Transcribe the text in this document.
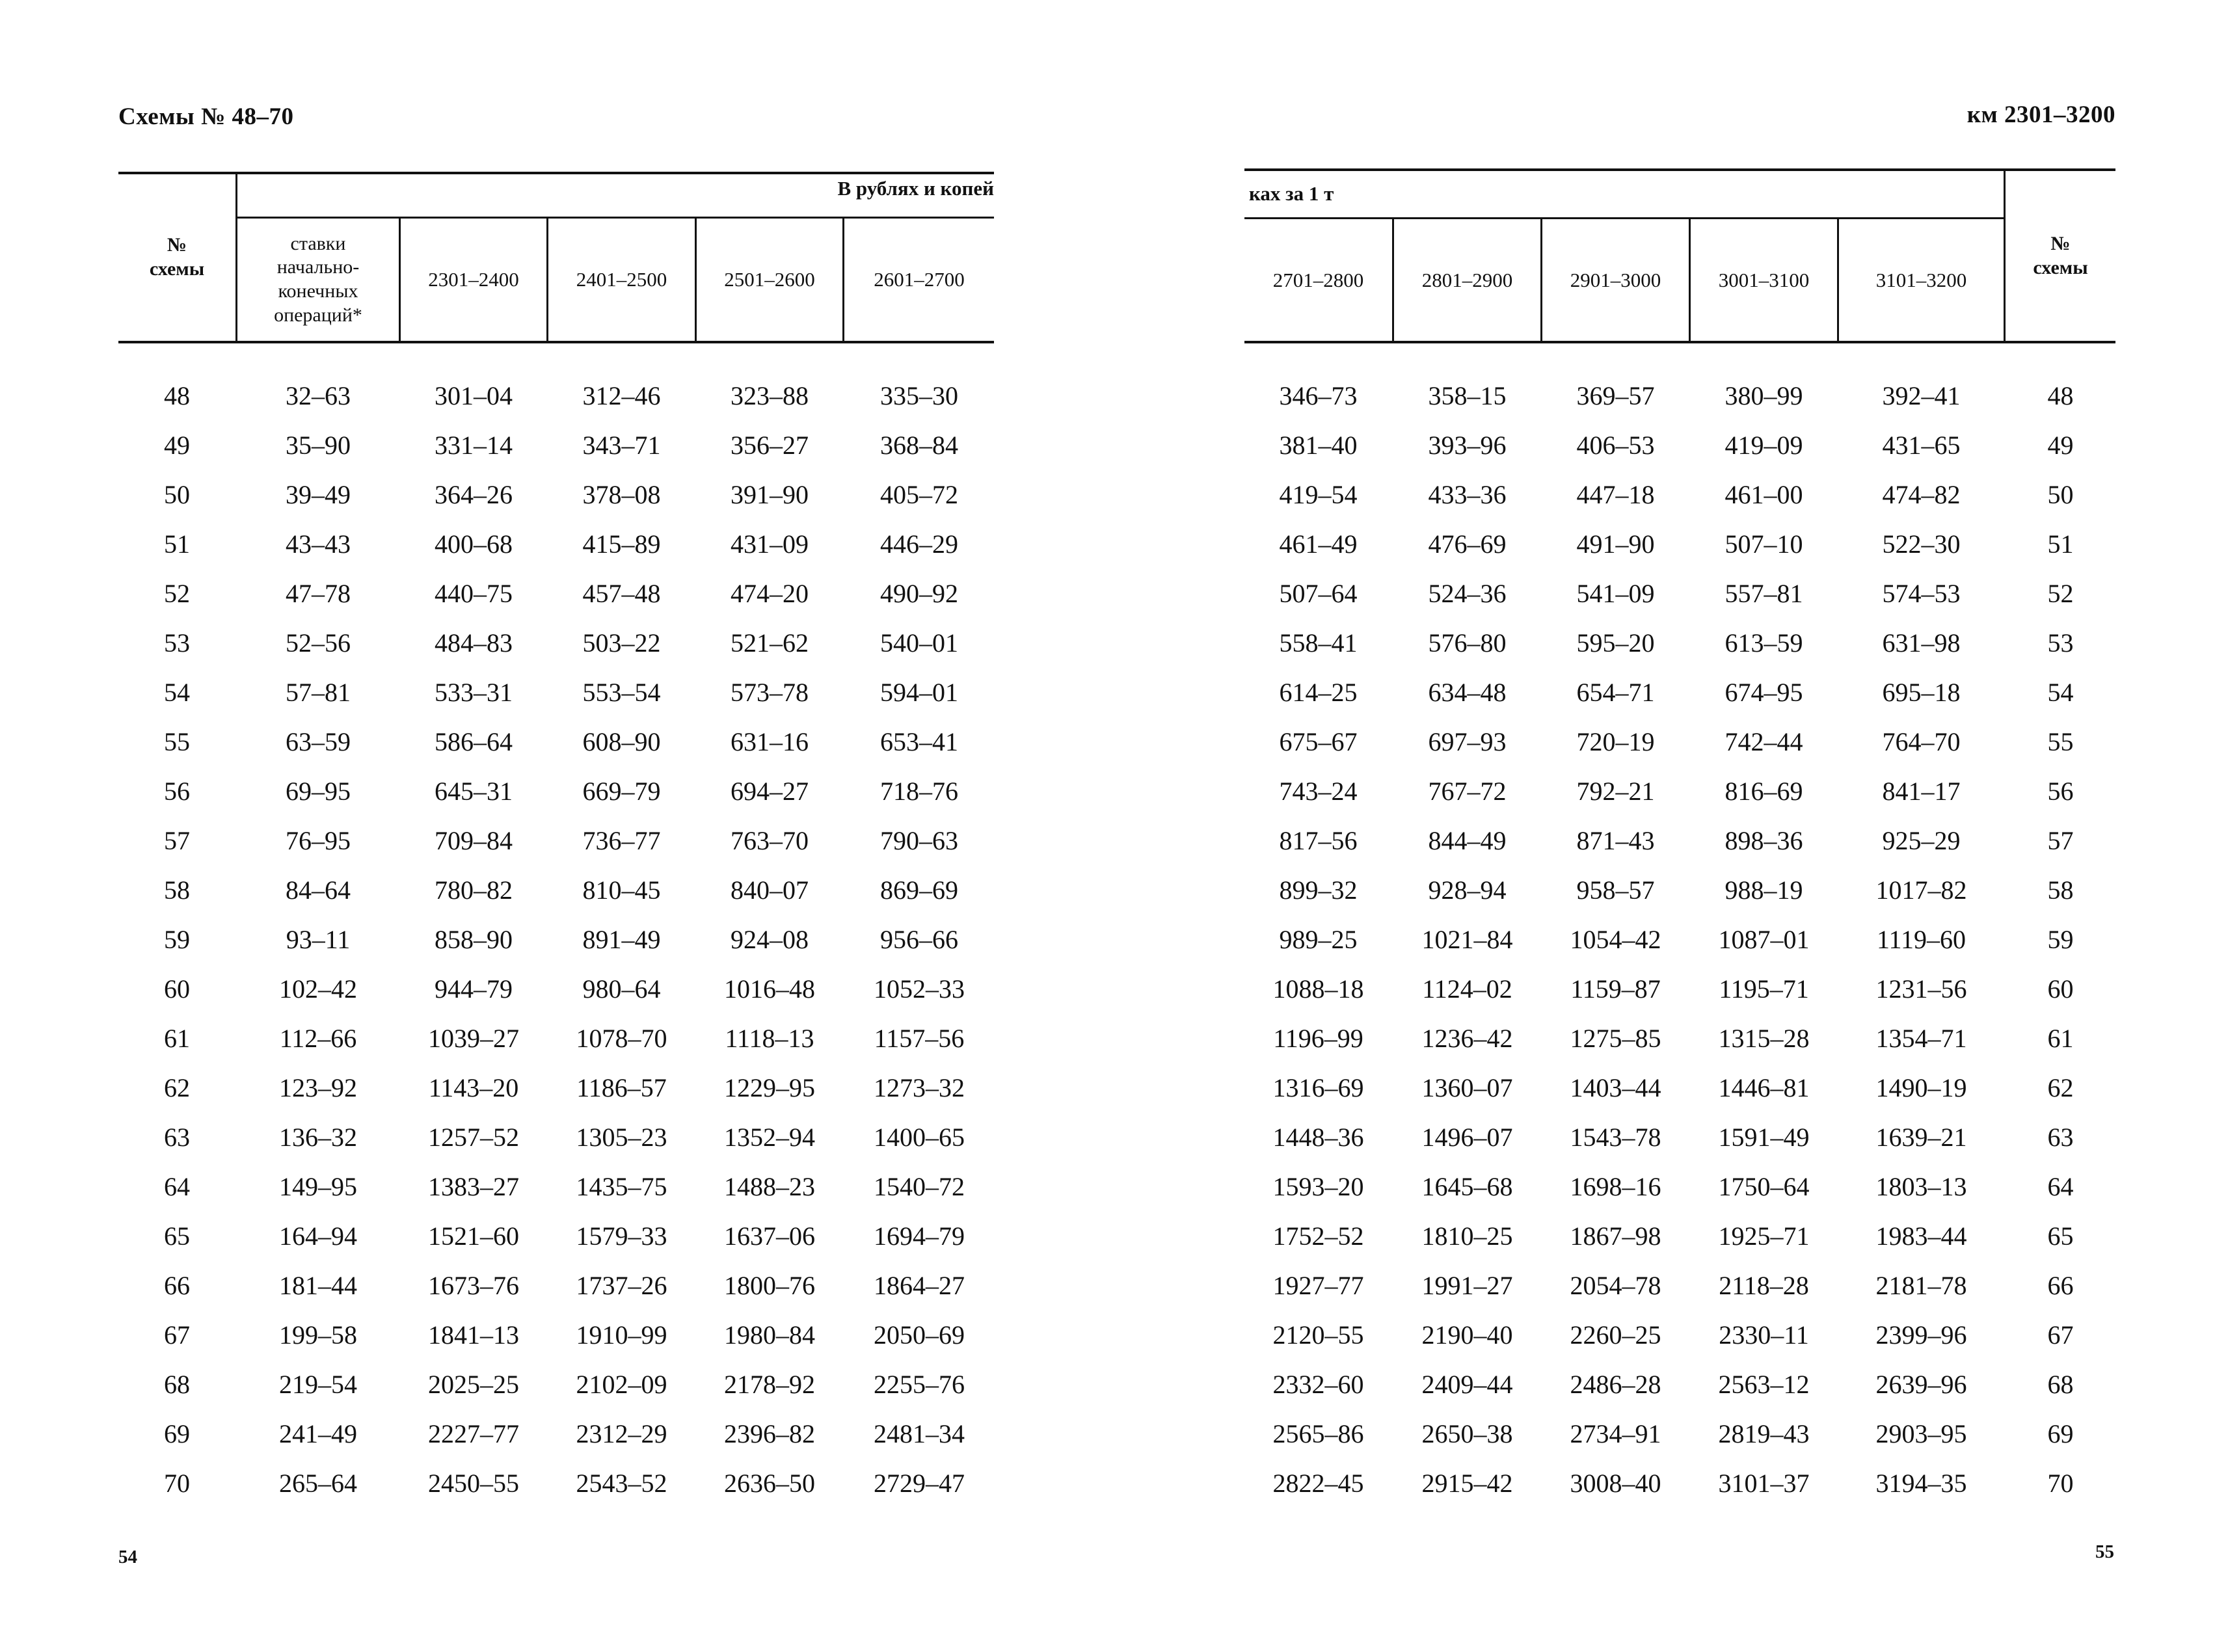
Схемы № 48–70	км 2301–3200
В рублях и копей
№
схемы
ставки
начально-
конечных
операций*
2301–2400	2401–2500	2501–2600	2601–2700
ках за 1 т
2701–2800	2801–2900	2901–3000	3001–3100	3101–3200
№
схемы
48	32–63	301–04	312–46	323–88	335–30	346–73	358–15	369–57	380–99	392–41	48
49	35–90	331–14	343–71	356–27	368–84	381–40	393–96	406–53	419–09	431–65	49
50	39–49	364–26	378–08	391–90	405–72	419–54	433–36	447–18	461–00	474–82	50
51	43–43	400–68	415–89	431–09	446–29	461–49	476–69	491–90	507–10	522–30	51
52	47–78	440–75	457–48	474–20	490–92	507–64	524–36	541–09	557–81	574–53	52
53	52–56	484–83	503–22	521–62	540–01	558–41	576–80	595–20	613–59	631–98	53
54	57–81	533–31	553–54	573–78	594–01	614–25	634–48	654–71	674–95	695–18	54
55	63–59	586–64	608–90	631–16	653–41	675–67	697–93	720–19	742–44	764–70	55
56	69–95	645–31	669–79	694–27	718–76	743–24	767–72	792–21	816–69	841–17	56
57	76–95	709–84	736–77	763–70	790–63	817–56	844–49	871–43	898–36	925–29	57
58	84–64	780–82	810–45	840–07	869–69	899–32	928–94	958–57	988–19	1017–82	58
59	93–11	858–90	891–49	924–08	956–66	989–25	1021–84	1054–42	1087–01	1119–60	59
60	102–42	944–79	980–64	1016–48	1052–33	1088–18	1124–02	1159–87	1195–71	1231–56	60
61	112–66	1039–27	1078–70	1118–13	1157–56	1196–99	1236–42	1275–85	1315–28	1354–71	61
62	123–92	1143–20	1186–57	1229–95	1273–32	1316–69	1360–07	1403–44	1446–81	1490–19	62
63	136–32	1257–52	1305–23	1352–94	1400–65	1448–36	1496–07	1543–78	1591–49	1639–21	63
64	149–95	1383–27	1435–75	1488–23	1540–72	1593–20	1645–68	1698–16	1750–64	1803–13	64
65	164–94	1521–60	1579–33	1637–06	1694–79	1752–52	1810–25	1867–98	1925–71	1983–44	65
66	181–44	1673–76	1737–26	1800–76	1864–27	1927–77	1991–27	2054–78	2118–28	2181–78	66
67	199–58	1841–13	1910–99	1980–84	2050–69	2120–55	2190–40	2260–25	2330–11	2399–96	67
68	219–54	2025–25	2102–09	2178–92	2255–76	2332–60	2409–44	2486–28	2563–12	2639–96	68
69	241–49	2227–77	2312–29	2396–82	2481–34	2565–86	2650–38	2734–91	2819–43	2903–95	69
70	265–64	2450–55	2543–52	2636–50	2729–47	2822–45	2915–42	3008–40	3101–37	3194–35	70
54	55
